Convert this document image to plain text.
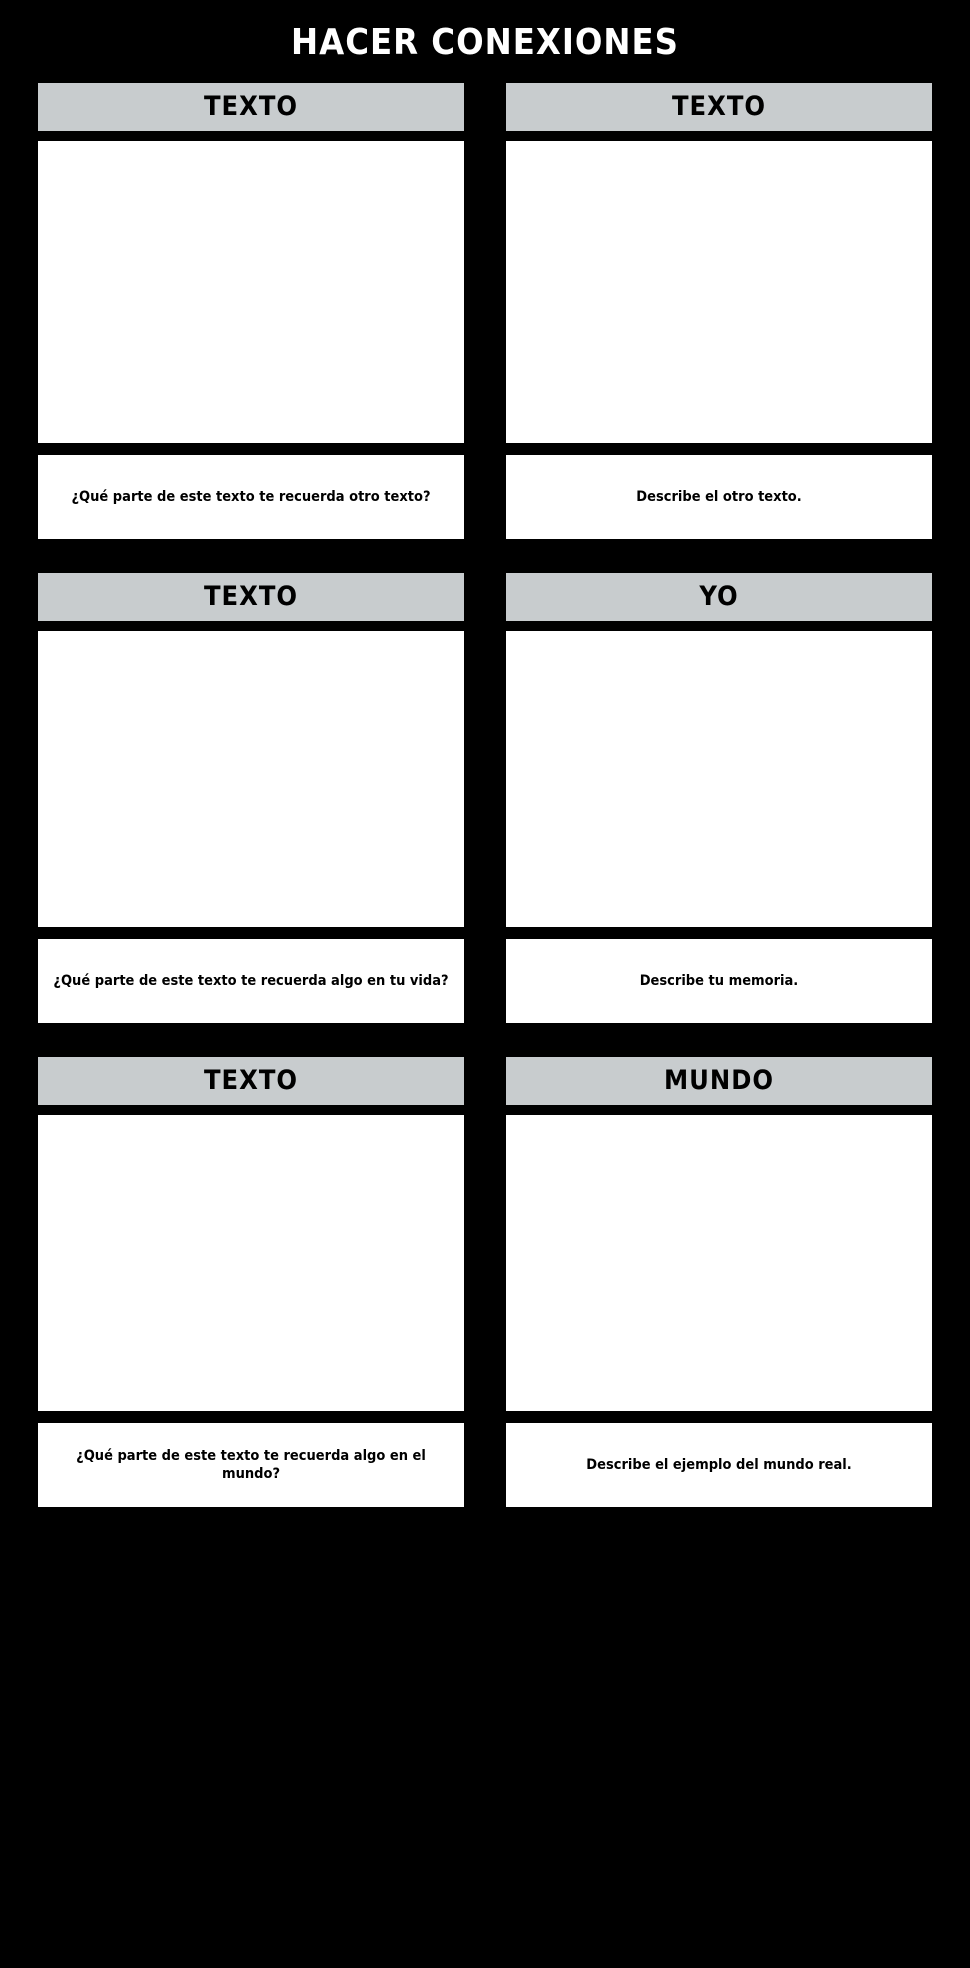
HACER CONEXIONES
TEXTO
¿Qué parte de este texto te recuerda otro texto?
TEXTO
Describe el otro texto.
TEXTO
¿Qué parte de este texto te recuerda algo en tu vida?
YO
Describe tu memoria.
TEXTO
¿Qué parte de este texto te recuerda algo en el mundo?
MUNDO
Describe el ejemplo del mundo real.
